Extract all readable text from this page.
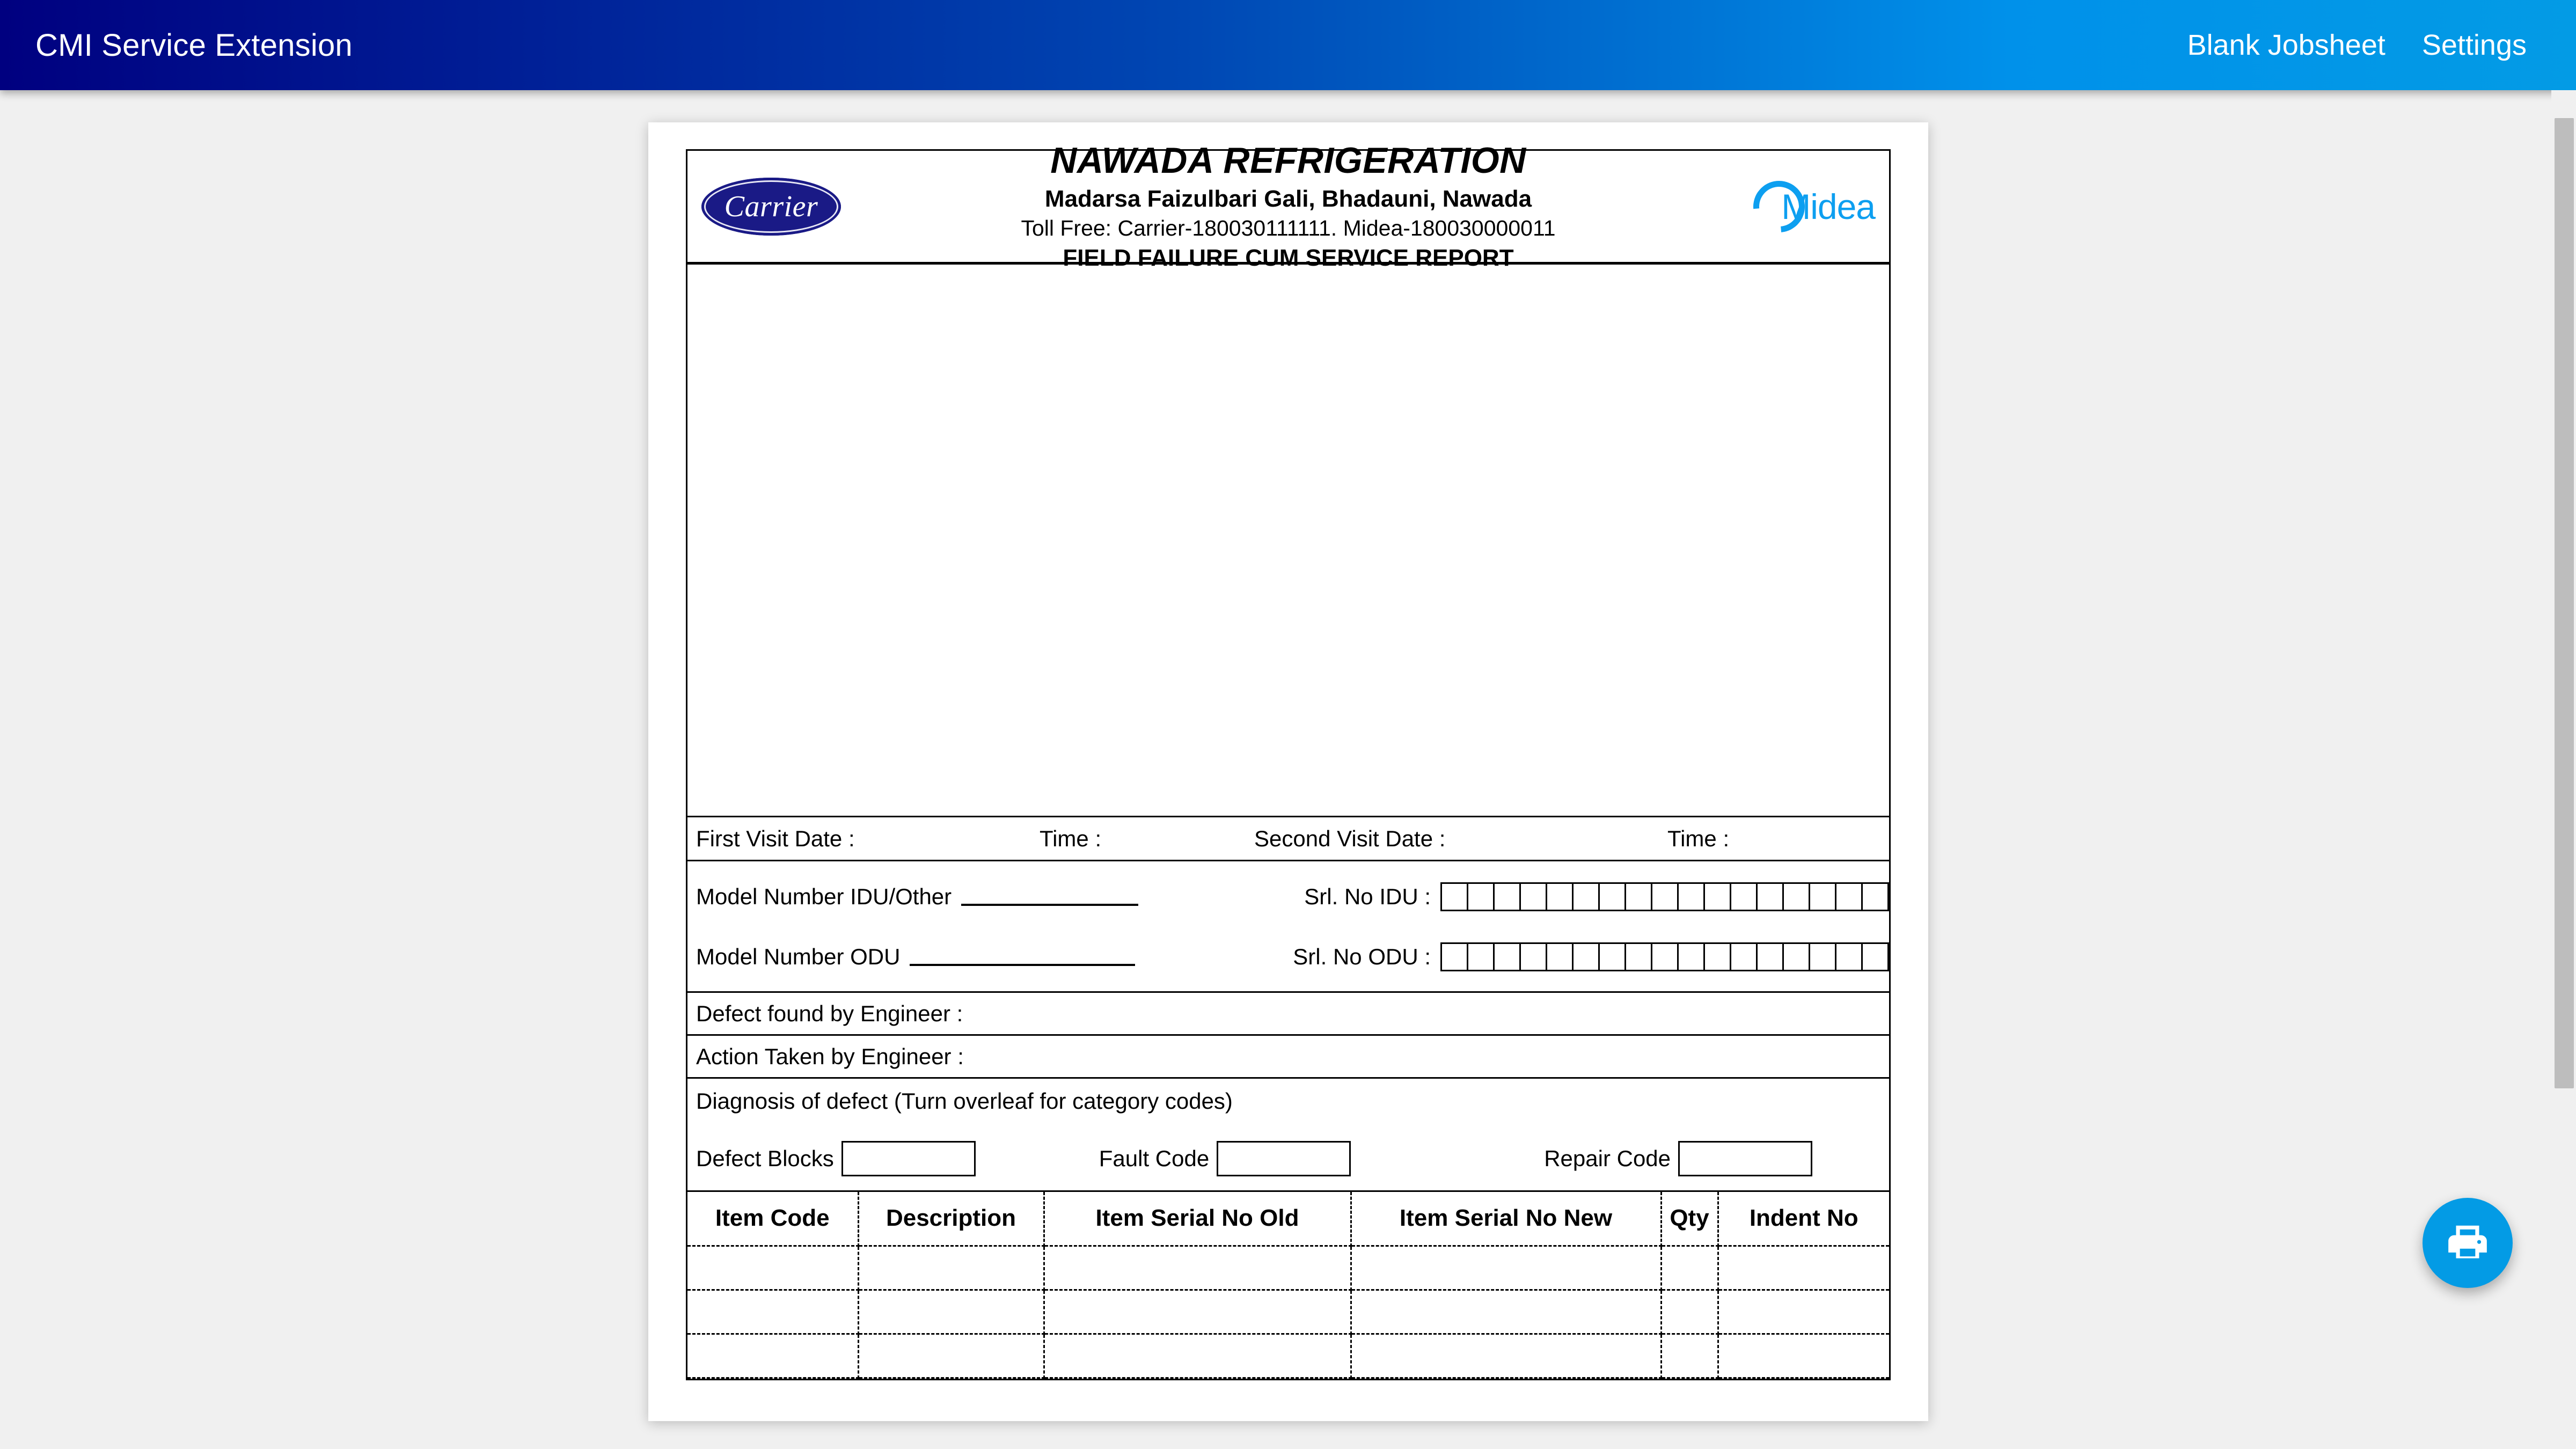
CMI Service Extension	Blank Jobsheet	Settings
Carrier
NAWADA REFRIGERATION
Madarsa Faizulbari Gali, Bhadauni, Nawada
Toll Free: Carrier-180030111111. Midea-180030000011
FIELD FAILURE CUM SERVICE REPORT
Midea
First Visit Date :	Time :	Second Visit Date :	Time :
Model Number IDU/Other	Srl. No IDU :
Model Number ODU	Srl. No ODU :
Defect found by Engineer :
Action Taken by Engineer :
Diagnosis of defect (Turn overleaf for category codes)
Defect Blocks	Fault Code	Repair Code
Item Code	Description	Item Serial No Old	Item Serial No New	Qty	Indent No
